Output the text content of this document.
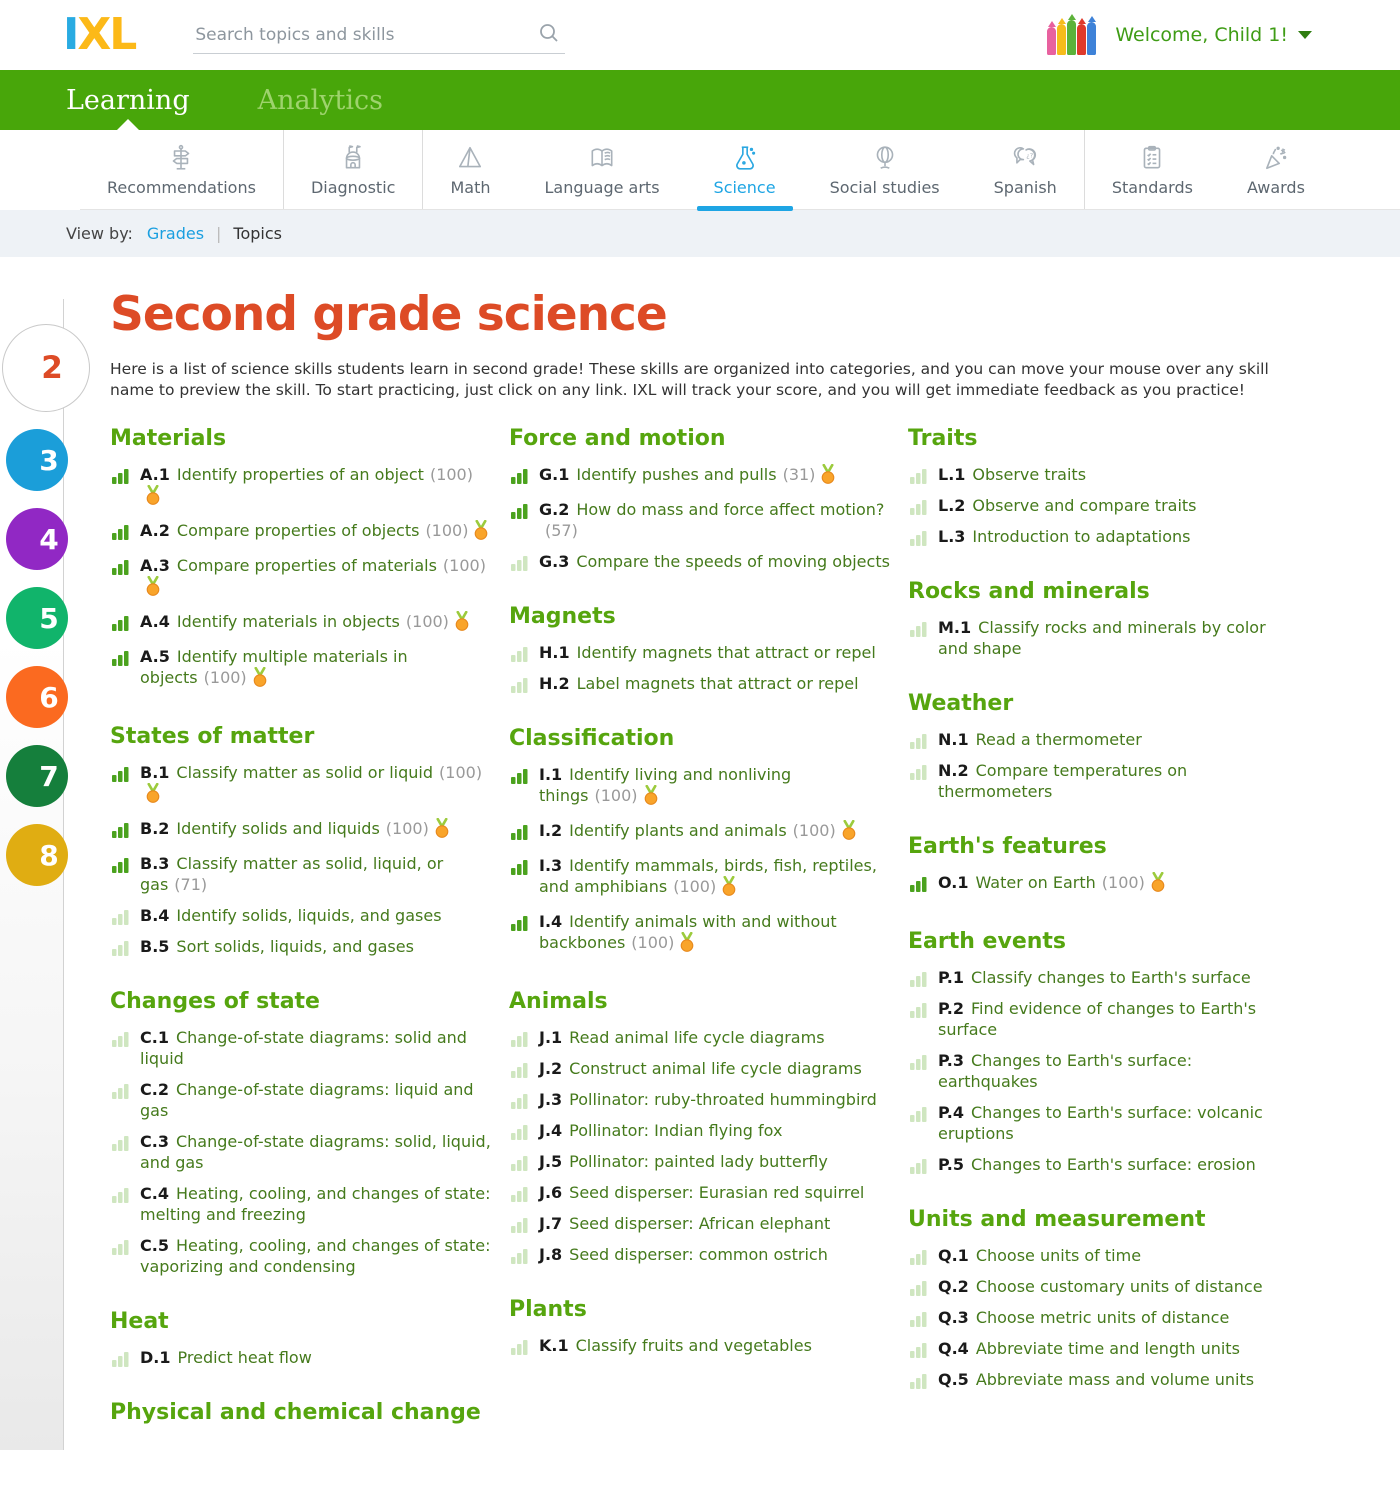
I XL
Search topics and skills	Welcome, Child 1!
Learning	Analytics
Recommendations	Diagnostic	Math	Language arts	Science	Social studies
¿?
Spanish	Standards	Awards
View by: Grades | Topics
2
3
4
5
6
7
8
Second grade science
Here is a list of science skills students learn in second grade! These skills are organized into categories, and you can move your mouse over any skill name to preview the skill. To start practicing, just click on any link. IXL will track your score, and you will get immediate feedback as you practice!
Materials

A.1 Identify properties of an object (100)

A.2 Compare properties of objects (100)

A.3 Compare properties of materials (100)

A.4 Identify materials in objects (100)

A.5 Identify multiple materials in objects (100)

States of matter

B.1 Classify matter as solid or liquid (100)

B.2 Identify solids and liquids (100)

B.3 Classify matter as solid, liquid, or gas (71)

B.4 Identify solids, liquids, and gases

B.5 Sort solids, liquids, and gases

Changes of state

C.1 Change-of-state diagrams: solid and liquid

C.2 Change-of-state diagrams: liquid and gas

C.3 Change-of-state diagrams: solid, liquid, and gas

C.4 Heating, cooling, and changes of state: melting and freezing

C.5 Heating, cooling, and changes of state: vaporizing and condensing

Heat

D.1 Predict heat flow

Physical and chemical change
Force and motion

G.1 Identify pushes and pulls (31)

G.2 How do mass and force affect motion?(57)

G.3 Compare the speeds of moving objects

Magnets

H.1 Identify magnets that attract or repel

H.2 Label magnets that attract or repel

Classification

I.1 Identify living and nonliving things (100)

I.2 Identify plants and animals (100)

I.3 Identify mammals, birds, fish, reptiles, and amphibians (100)

I.4 Identify animals with and without backbones (100)

Animals

J.1 Read animal life cycle diagrams

J.2 Construct animal life cycle diagrams

J.3 Pollinator: ruby-throated hummingbird

J.4 Pollinator: Indian flying fox

J.5 Pollinator: painted lady butterfly

J.6 Seed disperser: Eurasian red squirrel

J.7 Seed disperser: African elephant

J.8 Seed disperser: common ostrich

Plants

K.1 Classify fruits and vegetables

Traits

L.1 Observe traits

L.2 Observe and compare traits

L.3 Introduction to adaptations

Rocks and minerals

M.1 Classify rocks and minerals by color and shape

Weather

N.1 Read a thermometer

N.2 Compare temperatures on thermometers

Earth's features

O.1 Water on Earth (100)

Earth events

P.1 Classify changes to Earth's surface

P.2 Find evidence of changes to Earth's surface

P.3 Changes to Earth's surface: earthquakes

P.4 Changes to Earth's surface: volcanic eruptions

P.5 Changes to Earth's surface: erosion

Units and measurement

Q.1 Choose units of time

Q.2 Choose customary units of distance

Q.3 Choose metric units of distance

Q.4 Abbreviate time and length units

Q.5 Abbreviate mass and volume units
